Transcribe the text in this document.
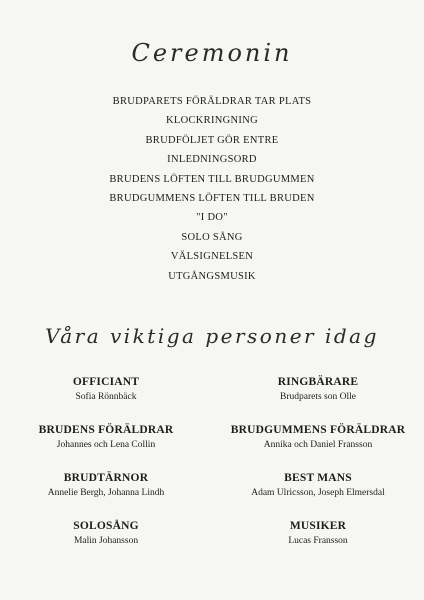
Ceremonin
BRUDPARETS FÖRÄLDRAR TAR PLATS
KLOCKRINGNING
BRUDFÖLJET GÖR ENTRE
INLEDNINGSORD
BRUDENS LÖFTEN TILL BRUDGUMMEN
BRUDGUMMENS LÖFTEN TILL BRUDEN
"I DO"
SOLO SÅNG
VÄLSIGNELSEN
UTGÅNGSMUSIK
Våra viktiga personer idag
OFFICIANT
Sofia Rönnbäck
RINGBÄRARE
Brudparets son Olle
BRUDENS FÖRÄLDRAR
Johannes och Lena Collin
BRUDGUMMENS FÖRÄLDRAR
Annika och Daniel Fransson
BRUDTÄRNOR
Annelie Bergh, Johanna Lindh
BEST MANS
Adam Ulricsson, Joseph Elmersdal
SOLOSÅNG
Malin Johansson
MUSIKER
Lucas Fransson
